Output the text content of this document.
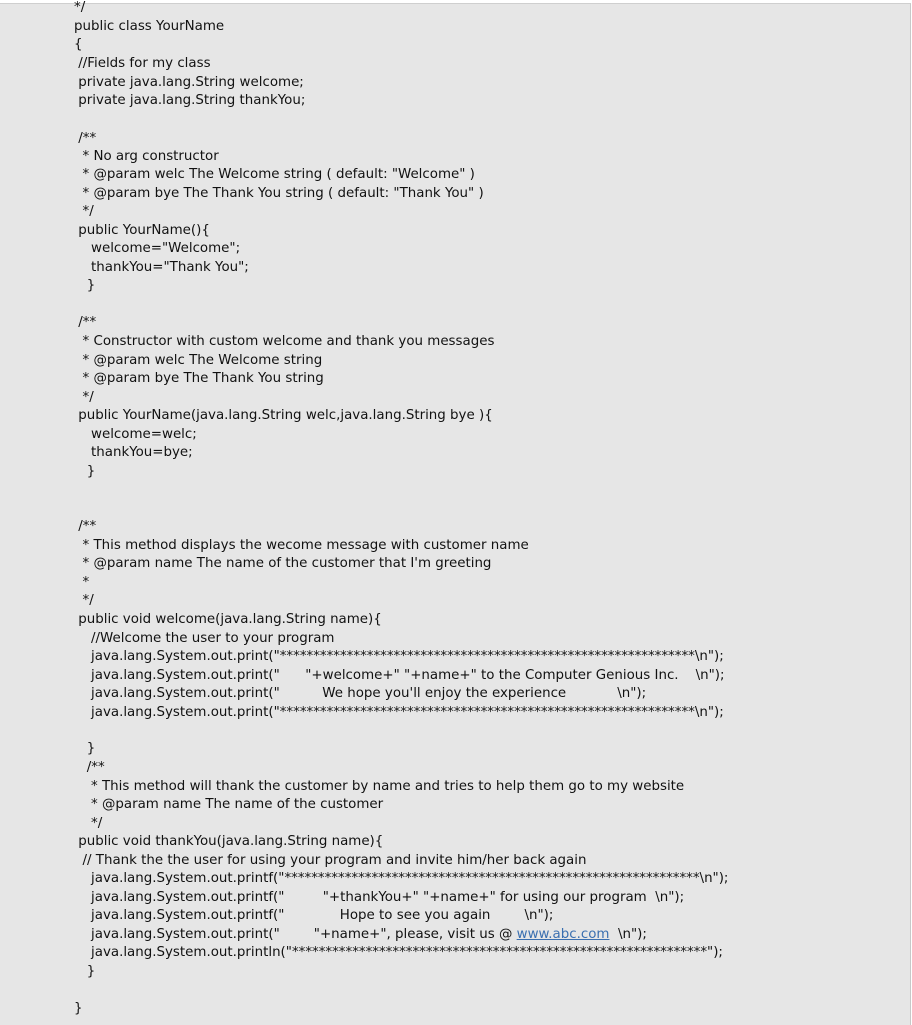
*/
public class YourName
{
//Fields for my class
private java.lang.String welcome;
private java.lang.String thankYou;
/**
* No arg constructor
* @param welc The Welcome string ( default: "Welcome" )
* @param bye The Thank You string ( default: "Thank You" )
*/
public YourName(){
welcome="Welcome";
thankYou="Thank You";
}
/**
* Constructor with custom welcome and thank you messages
* @param welc The Welcome string
* @param bye The Thank You string
*/
public YourName(java.lang.String welc,java.lang.String bye ){
welcome=welc;
thankYou=bye;
}
/**
* This method displays the wecome message with customer name
* @param name The name of the customer that I'm greeting
*
*/
public void welcome(java.lang.String name){
//Welcome the user to your program
java.lang.System.out.print("**************************************************************\n");
java.lang.System.out.print("      "+welcome+" "+name+" to the Computer Genious Inc.    \n");
java.lang.System.out.print("          We hope you'll enjoy the experience            \n");
java.lang.System.out.print("**************************************************************\n");
}
/**
* This method will thank the customer by name and tries to help them go to my website
* @param name The name of the customer
*/
public void thankYou(java.lang.String name){
// Thank the the user for using your program and invite him/her back again
java.lang.System.out.printf("**************************************************************\n");
java.lang.System.out.printf("         "+thankYou+" "+name+" for using our program  \n");
java.lang.System.out.printf("             Hope to see you again        \n");
java.lang.System.out.print("        "+name+", please, visit us @ www.abc.com  \n");
java.lang.System.out.println("**************************************************************");
}
}
